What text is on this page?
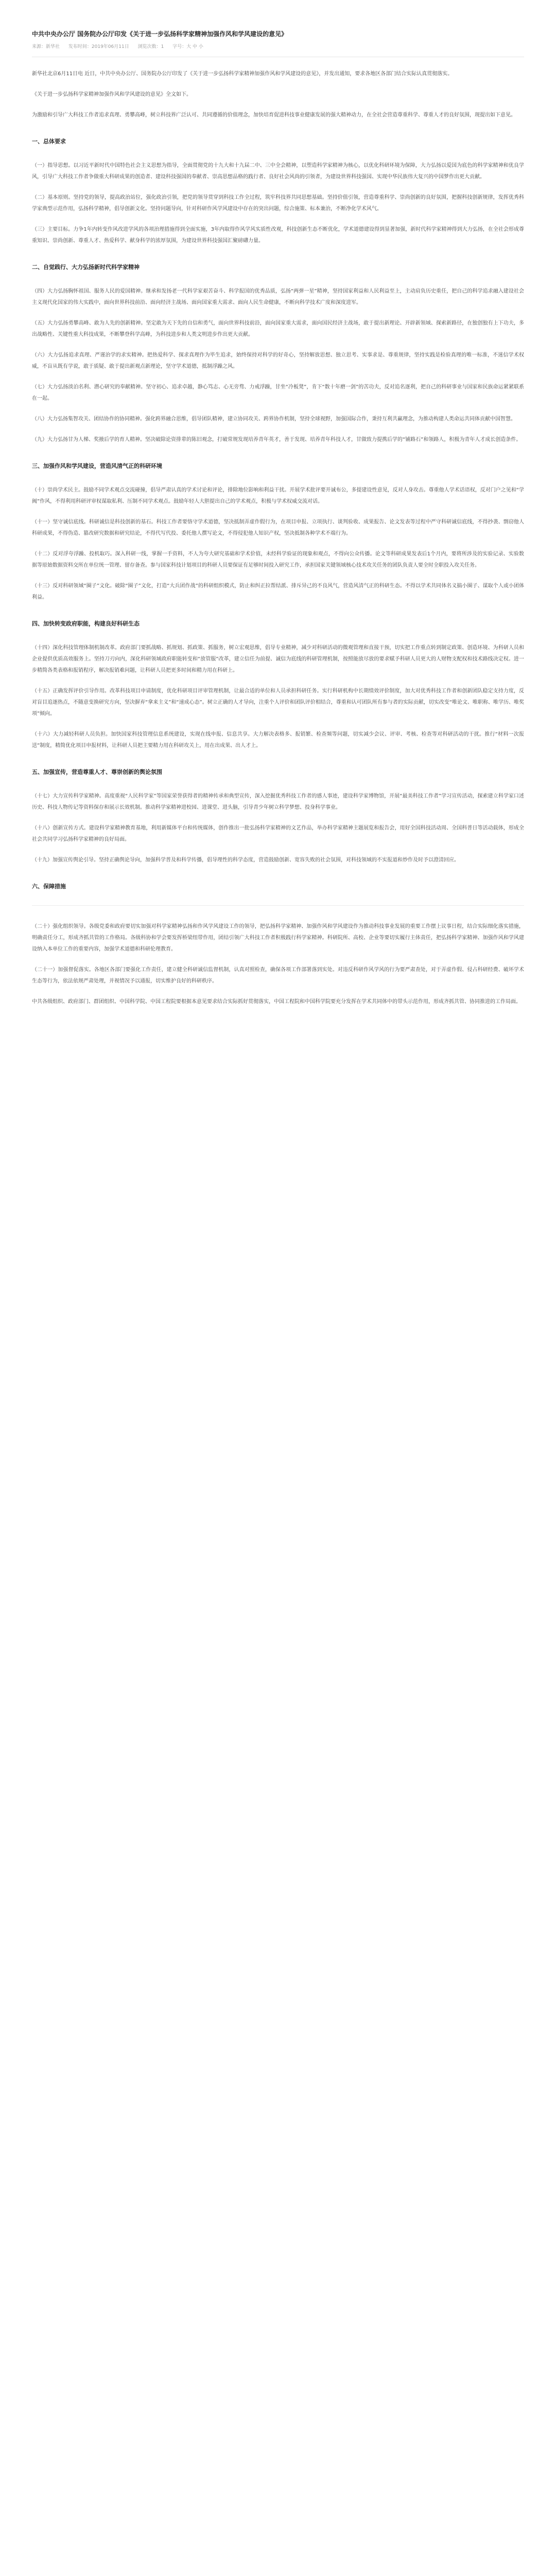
中共中央办公厅 国务院办公厅印发《关于进一步弘扬科学家精神加强作风和学风建设的意见》
来源：新华社 发布时间：2019年06月11日 浏览次数：1 字号：大 中 小

新华社北京6月11日电 近日，中共中央办公厅、国务院办公厅印发了《关于进一步弘扬科学家精神加强作风和学风建设的意见》，并发出通知，要求各地区各部门结合实际认真贯彻落实。

《关于进一步弘扬科学家精神加强作风和学风建设的意见》全文如下。

为激励和引导广大科技工作者追求真理、勇攀高峰，树立科技界广泛认可、共同遵循的价值理念，加快培育促进科技事业健康发展的强大精神动力，在全社会营造尊重科学、尊重人才的良好氛围，现提出如下意见。

一、总体要求

（一）指导思想。以习近平新时代中国特色社会主义思想为指导，全面贯彻党的十九大和十九届二中、三中全会精神，以塑造科学家精神为核心，以优化科研环境为保障，大力弘扬以爱国为底色的科学家精神和优良学风，引导广大科技工作者争做重大科研成果的创造者、建设科技强国的奉献者、崇高思想品格的践行者、良好社会风尚的引领者，为建设世界科技强国、实现中华民族伟大复兴的中国梦作出更大贡献。

（二）基本原则。坚持党的领导，提高政治站位，强化政治引领，把党的领导贯穿到科技工作全过程，筑牢科技界共同思想基础。坚持价值引领，营造尊重科学、崇尚创新的良好氛围，把握科技创新规律，发挥优秀科学家典型示范作用，弘扬科学精神，倡导创新文化。坚持问题导向，针对科研作风学风建设中存在的突出问题，综合施策、标本兼治，不断净化学术风气。

（三）主要目标。力争1年内转变作风改进学风的各项治理措施得到全面实施，3年内取得作风学风实质性改观，科技创新生态不断优化，学术道德建设得到显著加强，新时代科学家精神得到大力弘扬，在全社会形成尊重知识、崇尚创新、尊重人才、热爱科学、献身科学的浓厚氛围，为建设世界科技强国汇聚磅礴力量。

二、自觉践行、大力弘扬新时代科学家精神

（四）大力弘扬胸怀祖国、服务人民的爱国精神。继承和发扬老一代科学家艰苦奋斗、科学报国的优秀品质，弘扬“两弹一星”精神，坚持国家利益和人民利益至上，主动肩负历史重任，把自己的科学追求融入建设社会主义现代化国家的伟大实践中，面向世界科技前沿、面向经济主战场、面向国家重大需求、面向人民生命健康，不断向科学技术广度和深度进军。

（五）大力弘扬勇攀高峰、敢为人先的创新精神。坚定敢为天下先的自信和勇气，面向世界科技前沿，面向国家重大需求，面向国民经济主战场，敢于提出新理论、开辟新领域、探索新路径，在独创独有上下功夫，多出战略性、关键性重大科技成果，不断攀登科学高峰，为科技进步和人类文明进步作出更大贡献。

（六）大力弘扬追求真理、严谨治学的求实精神。把热爱科学、探求真理作为毕生追求，始终保持对科学的好奇心，坚持解放思想、独立思考、实事求是、尊重规律，坚持实践是检验真理的唯一标准，不迷信学术权威，不盲从既有学说，敢于质疑、敢于提出新观点新理论，坚守学术道德，抵制浮躁之风。

（七）大力弘扬淡泊名利、潜心研究的奉献精神。坚守初心、追求卓越，静心笃志、心无旁骛、力戒浮躁，甘坐“冷板凳”，肯下“数十年磨一剑”的苦功夫，反对追名逐利，把自己的科研事业与国家和民族命运紧紧联系在一起。

（八）大力弘扬集智攻关、团结协作的协同精神。强化跨界融合思维，倡导团队精神，建立协同攻关、跨界协作机制，坚持全球视野，加强国际合作，秉持互利共赢理念，为推动构建人类命运共同体贡献中国智慧。

（九）大力弘扬甘为人梯、奖掖后学的育人精神。坚决破除论资排辈的陈旧观念，打破常规发现培养青年英才，善于发现、培养青年科技人才，甘做致力提携后学的“铺路石”和领路人，积极为青年人才成长创造条件。

三、加强作风和学风建设，营造风清气正的科研环境

（十）崇尚学术民主。鼓励不同学术观点交流碰撞，倡导严肃认真的学术讨论和评论，排除地位影响和利益干扰。开展学术批评要开诚布公，多提建设性意见，反对人身攻击。尊重他人学术话语权，反对门户之见和“学阀”作风，不得利用科研评审权谋取私利、压制不同学术观点。鼓励年轻人大胆提出自己的学术观点，积极与学术权威交流对话。

（十一）坚守诚信底线。科研诚信是科技创新的基石。科技工作者要恪守学术道德，坚决抵制弄虚作假行为，在项目申报、立项执行、谈判验收、成果报告、论文发表等过程中严守科研诚信底线，不得抄袭、剽窃他人科研成果，不得伪造、篡改研究数据和研究结论，不得代写代投、委托他人撰写论文，不得侵犯他人知识产权，坚决抵制各种学术不端行为。

（十二）反对浮夸浮躁、投机取巧。深入科研一线，掌握一手资料，不人为夸大研究基础和学术价值，未经科学验证的现象和观点，不得向公众传播。论文等科研成果发表后1个月内，要将所涉及的实验记录、实验数据等原始数据资料交所在单位统一管理、留存备查。参与国家科技计划项目的科研人员要保证有足够时间投入研究工作，承担国家关键领域核心技术攻关任务的团队负责人要全时全职投入攻关任务。

（十三）反对科研领域“圈子”文化。破除“圈子”文化，打造“大兵团作战”的科研组织模式，防止和纠正拉帮结派、排斥异己的不良风气，营造风清气正的科研生态。不得以学术共同体名义搞小圈子、谋取个人或小团体利益。

四、加快转变政府职能，构建良好科研生态

（十四）深化科技管理体制机制改革。政府部门要抓战略、抓规划、抓政策、抓服务，树立宏观思维，倡导专业精神，减少对科研活动的微观管理和直接干预，切实把工作重点转到制定政策、创造环境、为科研人员和企业提供优质高效服务上。坚持刀刃向内，深化科研领域政府职能转变和“放管服”改革，建立信任为前提、诚信为底线的科研管理机制，按照能放尽放的要求赋予科研人员更大的人财物支配权和技术路线决定权。进一步精简各类表格和报销程序，解决报销难问题，让科研人员把更多时间和精力用在科研上。

（十五）正确发挥评价引导作用。改革科技项目申请制度，优化科研项目评审管理机制，让最合适的单位和人员承担科研任务。实行科研机构中长期绩效评价制度，加大对优秀科技工作者和创新团队稳定支持力度，反对盲目追逐热点，不随意变换研究方向，坚决摒弃“拿来主义”和“速成心态”。树立正确的人才导向，注重个人评价和团队评价相结合，尊重和认可团队所有参与者的实际贡献，切实改变“唯论文、唯职称、唯学历、唯奖项”倾向。

（十六）大力减轻科研人员负担。加快国家科技管理信息系统建设，实现在线申报、信息共享。大力解决表格多、报销繁、检查频等问题，切实减少会议、评审、考核、检查等对科研活动的干扰。推行“材料一次报送”制度，精简优化项目申报材料，让科研人员把主要精力用在科研攻关上，用在出成果、出人才上。

五、加强宣传，营造尊重人才、尊崇创新的舆论氛围

（十七）大力宣传科学家精神。高度重视“人民科学家”等国家荣誉获得者的精神传承和典型宣传，深入挖掘优秀科技工作者的感人事迹，建设科学家博物馆，开展“最美科技工作者”学习宣传活动，探索建立科学家口述历史、科技人物传记等资料保存和展示长效机制。推动科学家精神进校园、进课堂、进头脑，引导青少年树立科学梦想、投身科学事业。

（十八）创新宣传方式。建设科学家精神教育基地，利用新媒体平台和传统媒体，创作推出一批弘扬科学家精神的文艺作品，举办科学家精神主题展览和报告会，用好全国科技活动周、全国科普日等活动载体，形成全社会共同学习弘扬科学家精神的良好局面。

（十九）加强宣传舆论引导。坚持正确舆论导向，加强科学普及和科学传播，倡导理性的科学态度，营造鼓励创新、宽容失败的社会氛围，对科技领域的不实报道和炒作及时予以澄清回应。

六、保障措施

（二十）强化组织领导。各级党委和政府要切实加强对科学家精神弘扬和作风学风建设工作的领导，把弘扬科学家精神、加强作风和学风建设作为推动科技事业发展的重要工作摆上议事日程，结合实际细化落实措施，明确责任分工，形成齐抓共管的工作格局。各级科协和学会要发挥桥梁纽带作用，团结引领广大科技工作者积极践行科学家精神。科研院所、高校、企业等要切实履行主体责任，把弘扬科学家精神、加强作风和学风建设纳入本单位工作的重要内容，加强学术道德和科研伦理教育。

（二十一）加强督促落实。各地区各部门要强化工作责任，建立健全科研诚信监督机制，认真对照检查，确保各项工作部署落到实处。对违反科研作风学风的行为要严肃查处，对于弄虚作假、侵占科研经费、破坏学术生态等行为，依法依规严肃处理，并视情况予以通报，切实维护良好的科研秩序。

中共各级组织、政府部门、群团组织、中国科学院、中国工程院要根据本意见要求结合实际抓好贯彻落实，中国工程院和中国科学院要充分发挥在学术共同体中的带头示范作用，形成齐抓共管、协同推进的工作局面。
